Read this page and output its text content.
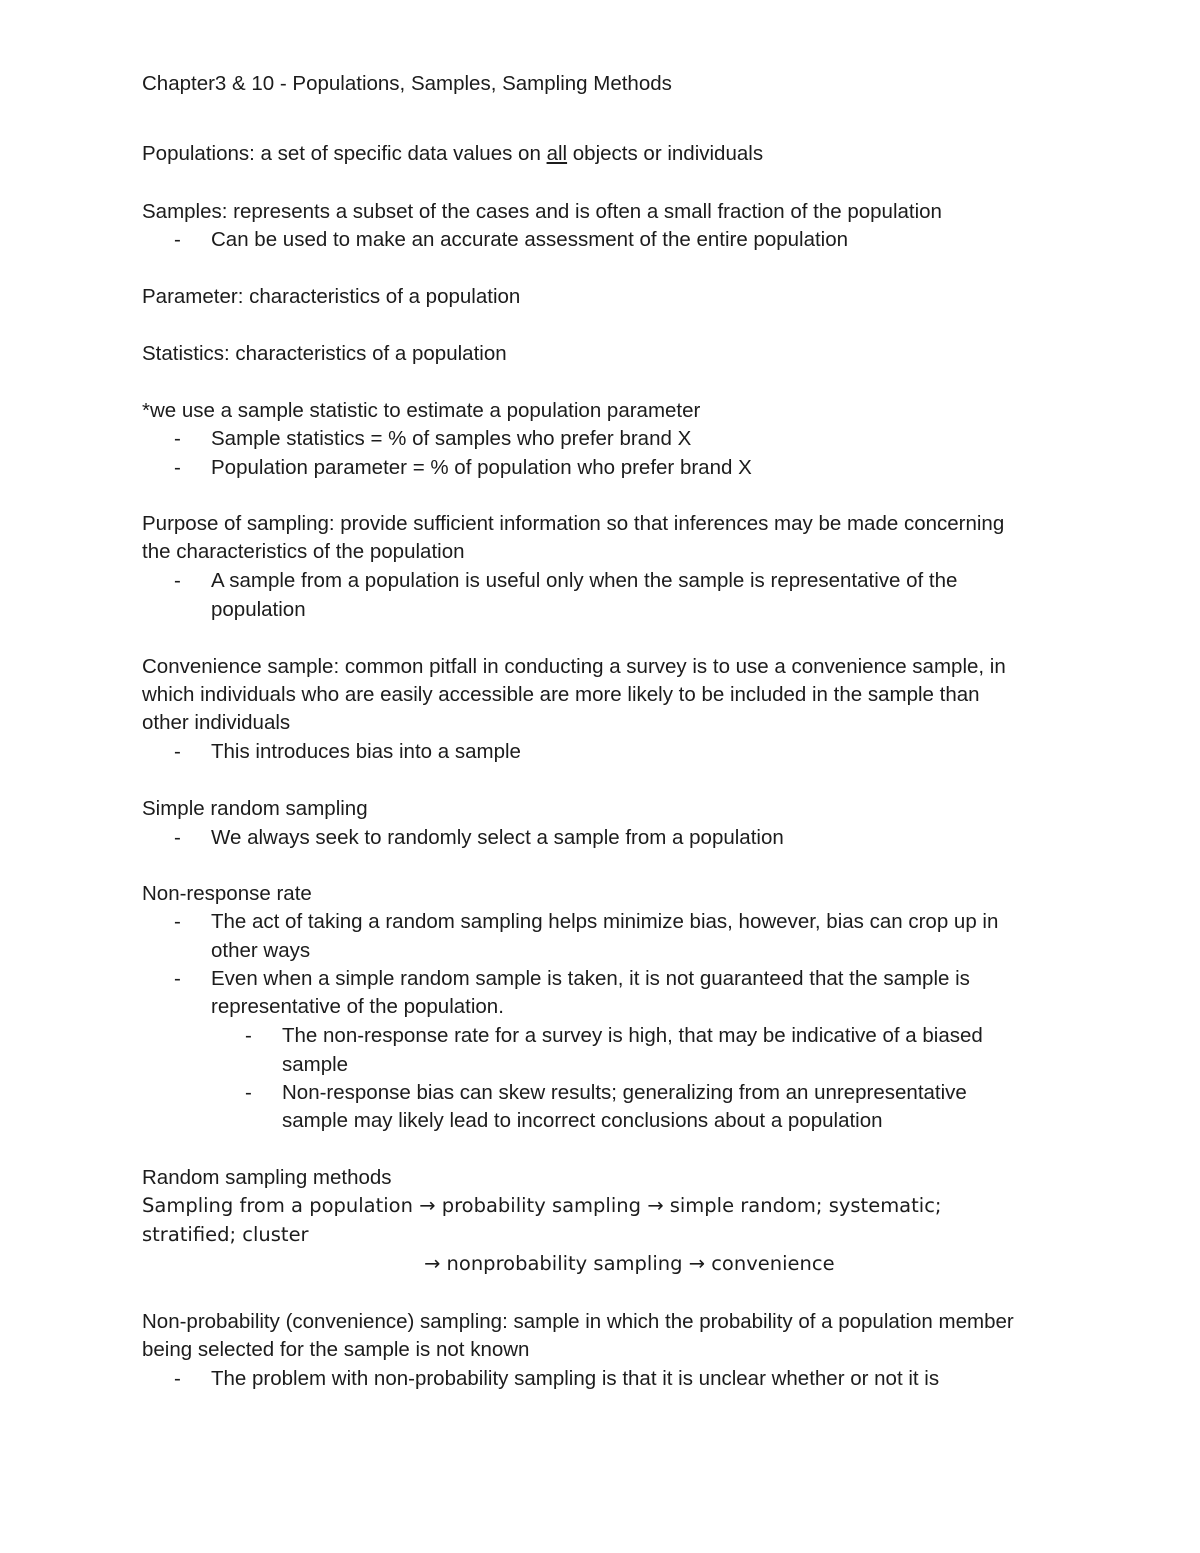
Chapter3 & 10 - Populations, Samples, Sampling Methods
Populations: a set of specific data values on all objects or individuals
Samples: represents a subset of the cases and is often a small fraction of the population
- Can be used to make an accurate assessment of the entire population
Parameter: characteristics of a population
Statistics: characteristics of a population
*we use a sample statistic to estimate a population parameter
- Sample statistics = % of samples who prefer brand X
- Population parameter = % of population who prefer brand X
Purpose of sampling: provide sufficient information so that inferences may be made concerning
the characteristics of the population
- A sample from a population is useful only when the sample is representative of the
population
Convenience sample: common pitfall in conducting a survey is to use a convenience sample, in
which individuals who are easily accessible are more likely to be included in the sample than
other individuals
- This introduces bias into a sample
Simple random sampling
- We always seek to randomly select a sample from a population
Non-response rate
- The act of taking a random sampling helps minimize bias, however, bias can crop up in
other ways
- Even when a simple random sample is taken, it is not guaranteed that the sample is
representative of the population.
- The non-response rate for a survey is high, that may be indicative of a biased
sample
- Non-response bias can skew results; generalizing from an unrepresentative
sample may likely lead to incorrect conclusions about a population
Random sampling methods
Sampling from a population → probability sampling → simple random; systematic;
stratified; cluster
→ nonprobability sampling → convenience
Non-probability (convenience) sampling: sample in which the probability of a population member
being selected for the sample is not known
- The problem with non-probability sampling is that it is unclear whether or not it is
